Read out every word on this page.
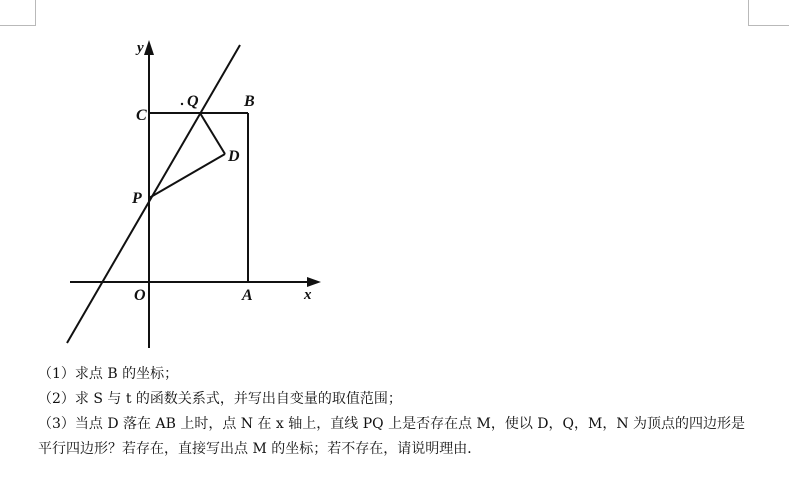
y
x
C
Q	B
D
P
O	A
（1）求点 B 的坐标；
（2）求 S 与 t 的函数关系式，并写出自变量的取值范围；
（3）当点 D 落在 AB 上时，点 N 在 x 轴上，直线 PQ 上是否存在点 M，使以 D，Q，M，N 为顶点的四边形是
平行四边形？若存在，直接写出点 M 的坐标；若不存在，请说明理由．
